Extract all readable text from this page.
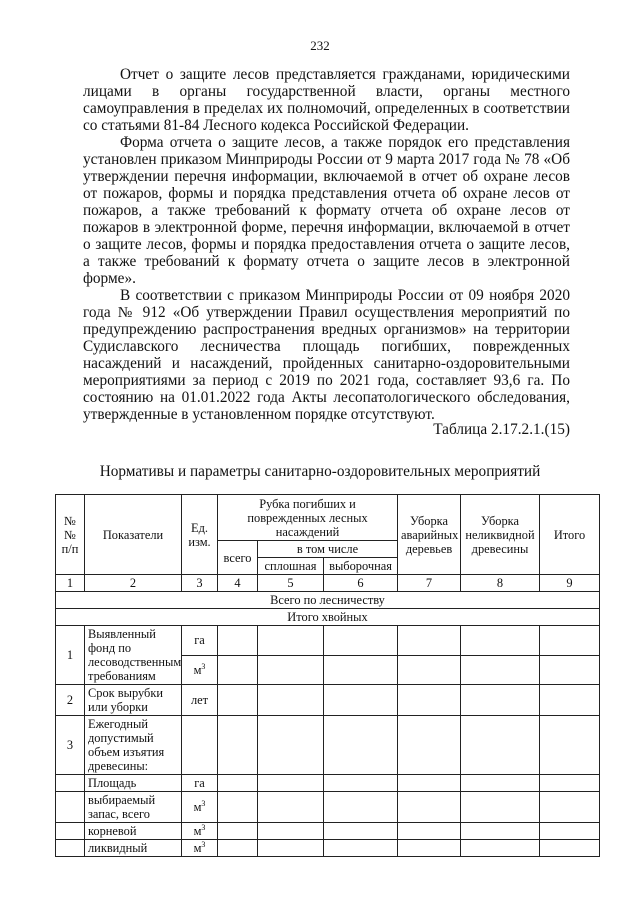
232

Отчет о защите лесов представляется гражданами, юридическими лицами в органы государственной власти, органы местного самоуправления в пределах их полномочий, определенных в соответствии со статьями 81-84 Лесного кодекса Российской Федерации.

Форма отчета о защите лесов, а также порядок его представления установлен приказом Минприроды России от 9 марта 2017 года № 78 «Об утверждении перечня информации, включаемой в отчет об охране лесов от пожаров, формы и порядка представления отчета об охране лесов от пожаров, а также требований к формату отчета об охране лесов от пожаров в электронной форме, перечня информации, включаемой в отчет о защите лесов, формы и порядка предоставления отчета о защите лесов, а также требований к формату отчета о защите лесов в электронной форме».

В соответствии с приказом Минприроды России от 09 ноября 2020 года № 912 «Об утверждении Правил осуществления мероприятий по предупреждению распространения вредных организмов» на территории Судиславского лесничества площадь погибших, поврежденных насаждений и насаждений, пройденных санитарно-оздоровительными мероприятиями за период с 2019 по 2021 года, составляет 93,6 га. По состоянию на 01.01.2022 года Акты лесопатологического обследования, утвержденные в установленном порядке отсутствуют.

Таблица 2.17.2.1.(15)
Нормативы и параметры санитарно-оздоровительных мероприятий
№№ п/п	Показатели	Ед. изм.	Рубка погибших и поврежденных лесных насаждений			Уборка аварийных деревьев	Уборка неликвидной древесины	Итого
			всего	в том числе				
				сплошная	выборочная			
1	2	3	4	5	6	7	8	9
Всего по лесничеству								
Итого хвойных								
1	Выявленный фонд по лесоводственным требованиям	га						
		$м^3$						
2	Срок вырубки или уборки	лет						
3	Ежегодный допустимый объем изъятия древесины:							
	Площадь	га						
	выбираемый запас, всего	$м^3$						
	корневой	$м^3$						
	ликвидный	$м^3$						
